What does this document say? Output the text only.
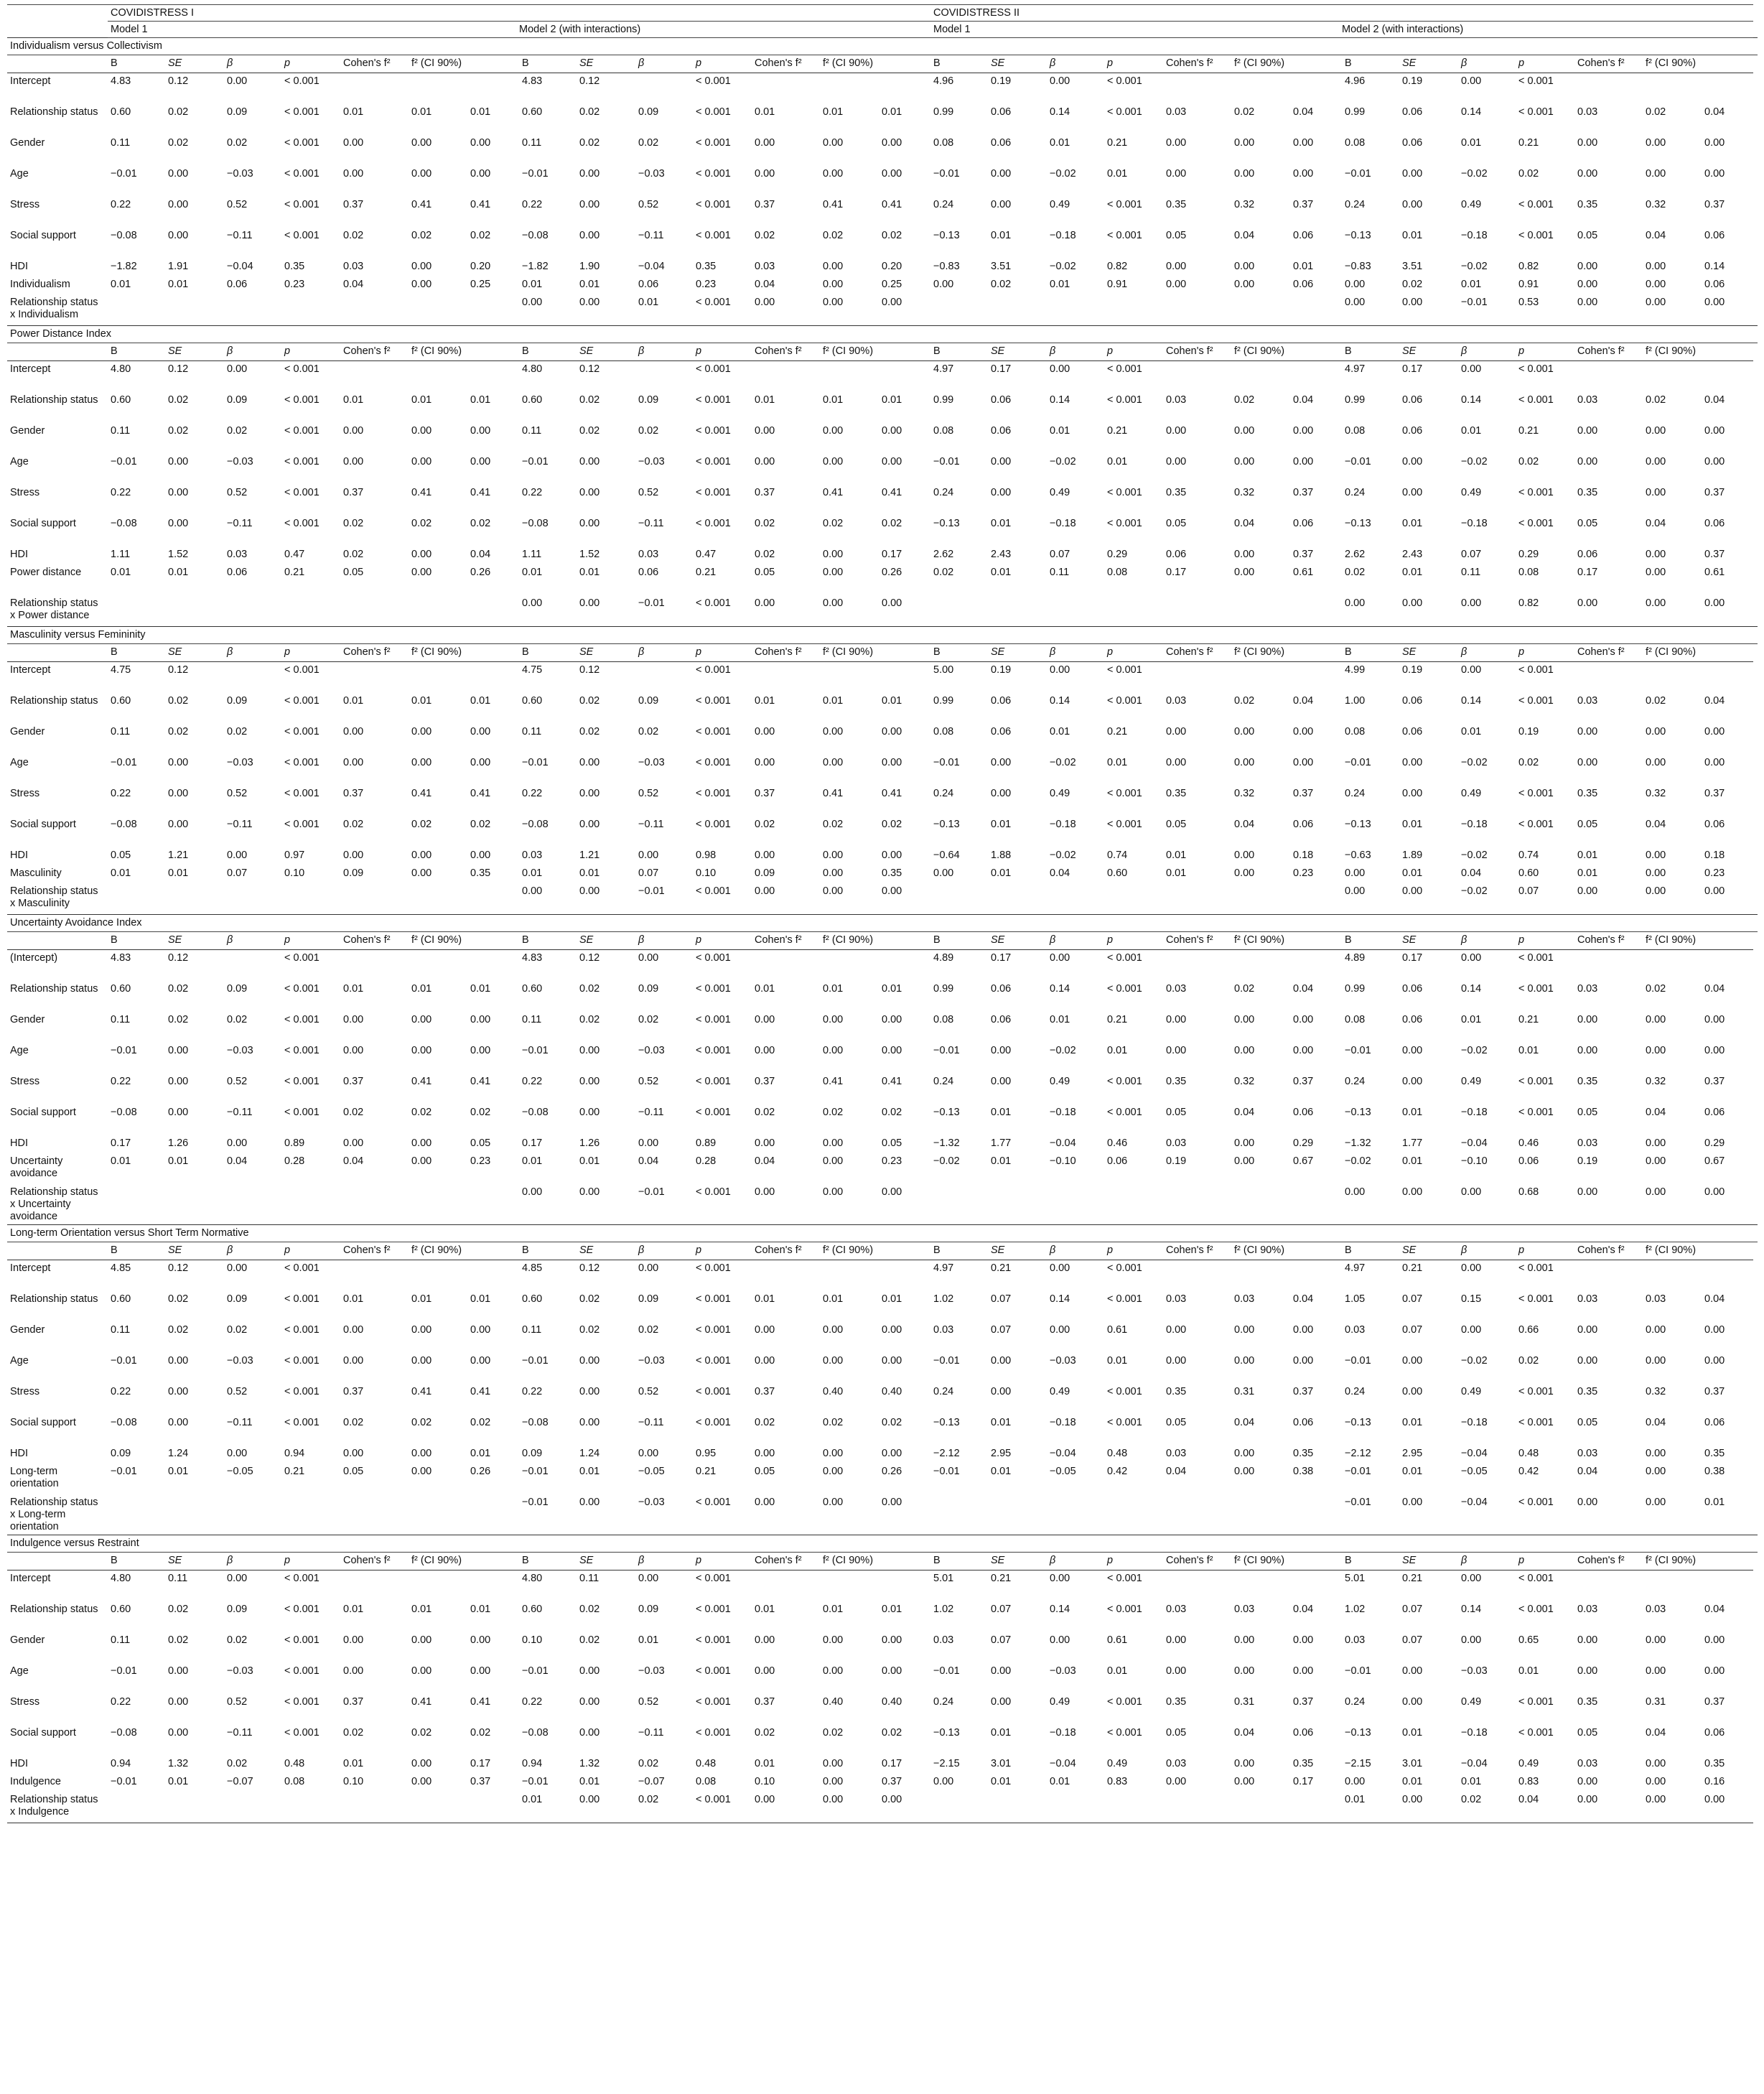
	COVIDISTRESS I														COVIDISTRESS II													
	Model 1							Model 2 (with interactions)							Model 1							Model 2 (with interactions)						
Individualism versus Collectivism																												
	B	SE	β	p	Cohen's f²	f² (CI 90%)		B	SE	β	p	Cohen's f²	f² (CI 90%)		B	SE	β	p	Cohen's f²	f² (CI 90%)		B	SE	β	p	Cohen's f²	f² (CI 90%)	
Intercept	4.83	0.12	0.00	< 0.001				4.83	0.12		< 0.001				4.96	0.19	0.00	< 0.001				4.96	0.19	0.00	< 0.001			
Relationship status	0.60	0.02	0.09	< 0.001	0.01	0.01	0.01	0.60	0.02	0.09	< 0.001	0.01	0.01	0.01	0.99	0.06	0.14	< 0.001	0.03	0.02	0.04	0.99	0.06	0.14	< 0.001	0.03	0.02	0.04
Gender	0.11	0.02	0.02	< 0.001	0.00	0.00	0.00	0.11	0.02	0.02	< 0.001	0.00	0.00	0.00	0.08	0.06	0.01	0.21	0.00	0.00	0.00	0.08	0.06	0.01	0.21	0.00	0.00	0.00
Age	−0.01	0.00	−0.03	< 0.001	0.00	0.00	0.00	−0.01	0.00	−0.03	< 0.001	0.00	0.00	0.00	−0.01	0.00	−0.02	0.01	0.00	0.00	0.00	−0.01	0.00	−0.02	0.02	0.00	0.00	0.00
Stress	0.22	0.00	0.52	< 0.001	0.37	0.41	0.41	0.22	0.00	0.52	< 0.001	0.37	0.41	0.41	0.24	0.00	0.49	< 0.001	0.35	0.32	0.37	0.24	0.00	0.49	< 0.001	0.35	0.32	0.37
Social support	−0.08	0.00	−0.11	< 0.001	0.02	0.02	0.02	−0.08	0.00	−0.11	< 0.001	0.02	0.02	0.02	−0.13	0.01	−0.18	< 0.001	0.05	0.04	0.06	−0.13	0.01	−0.18	< 0.001	0.05	0.04	0.06
HDI	−1.82	1.91	−0.04	0.35	0.03	0.00	0.20	−1.82	1.90	−0.04	0.35	0.03	0.00	0.20	−0.83	3.51	−0.02	0.82	0.00	0.00	0.01	−0.83	3.51	−0.02	0.82	0.00	0.00	0.14
Individualism	0.01	0.01	0.06	0.23	0.04	0.00	0.25	0.01	0.01	0.06	0.23	0.04	0.00	0.25	0.00	0.02	0.01	0.91	0.00	0.00	0.06	0.00	0.02	0.01	0.91	0.00	0.00	0.06
Relationship status x Individualism								0.00	0.00	0.01	< 0.001	0.00	0.00	0.00								0.00	0.00	−0.01	0.53	0.00	0.00	0.00
Power Distance Index																												
	B	SE	β	p	Cohen's f²	f² (CI 90%)		B	SE	β	p	Cohen's f²	f² (CI 90%)		B	SE	β	p	Cohen's f²	f² (CI 90%)		B	SE	β	p	Cohen's f²	f² (CI 90%)	
Intercept	4.80	0.12	0.00	< 0.001				4.80	0.12		< 0.001				4.97	0.17	0.00	< 0.001				4.97	0.17	0.00	< 0.001			
Relationship status	0.60	0.02	0.09	< 0.001	0.01	0.01	0.01	0.60	0.02	0.09	< 0.001	0.01	0.01	0.01	0.99	0.06	0.14	< 0.001	0.03	0.02	0.04	0.99	0.06	0.14	< 0.001	0.03	0.02	0.04
Gender	0.11	0.02	0.02	< 0.001	0.00	0.00	0.00	0.11	0.02	0.02	< 0.001	0.00	0.00	0.00	0.08	0.06	0.01	0.21	0.00	0.00	0.00	0.08	0.06	0.01	0.21	0.00	0.00	0.00
Age	−0.01	0.00	−0.03	< 0.001	0.00	0.00	0.00	−0.01	0.00	−0.03	< 0.001	0.00	0.00	0.00	−0.01	0.00	−0.02	0.01	0.00	0.00	0.00	−0.01	0.00	−0.02	0.02	0.00	0.00	0.00
Stress	0.22	0.00	0.52	< 0.001	0.37	0.41	0.41	0.22	0.00	0.52	< 0.001	0.37	0.41	0.41	0.24	0.00	0.49	< 0.001	0.35	0.32	0.37	0.24	0.00	0.49	< 0.001	0.35	0.00	0.37
Social support	−0.08	0.00	−0.11	< 0.001	0.02	0.02	0.02	−0.08	0.00	−0.11	< 0.001	0.02	0.02	0.02	−0.13	0.01	−0.18	< 0.001	0.05	0.04	0.06	−0.13	0.01	−0.18	< 0.001	0.05	0.04	0.06
HDI	1.11	1.52	0.03	0.47	0.02	0.00	0.04	1.11	1.52	0.03	0.47	0.02	0.00	0.17	2.62	2.43	0.07	0.29	0.06	0.00	0.37	2.62	2.43	0.07	0.29	0.06	0.00	0.37
Power distance	0.01	0.01	0.06	0.21	0.05	0.00	0.26	0.01	0.01	0.06	0.21	0.05	0.00	0.26	0.02	0.01	0.11	0.08	0.17	0.00	0.61	0.02	0.01	0.11	0.08	0.17	0.00	0.61
Relationship status x Power distance								0.00	0.00	−0.01	< 0.001	0.00	0.00	0.00								0.00	0.00	0.00	0.82	0.00	0.00	0.00
Masculinity versus Femininity																												
	B	SE	β	p	Cohen's f²	f² (CI 90%)		B	SE	β	p	Cohen's f²	f² (CI 90%)		B	SE	β	p	Cohen's f²	f² (CI 90%)		B	SE	β	p	Cohen's f²	f² (CI 90%)	
Intercept	4.75	0.12		< 0.001				4.75	0.12		< 0.001				5.00	0.19	0.00	< 0.001				4.99	0.19	0.00	< 0.001			
Relationship status	0.60	0.02	0.09	< 0.001	0.01	0.01	0.01	0.60	0.02	0.09	< 0.001	0.01	0.01	0.01	0.99	0.06	0.14	< 0.001	0.03	0.02	0.04	1.00	0.06	0.14	< 0.001	0.03	0.02	0.04
Gender	0.11	0.02	0.02	< 0.001	0.00	0.00	0.00	0.11	0.02	0.02	< 0.001	0.00	0.00	0.00	0.08	0.06	0.01	0.21	0.00	0.00	0.00	0.08	0.06	0.01	0.19	0.00	0.00	0.00
Age	−0.01	0.00	−0.03	< 0.001	0.00	0.00	0.00	−0.01	0.00	−0.03	< 0.001	0.00	0.00	0.00	−0.01	0.00	−0.02	0.01	0.00	0.00	0.00	−0.01	0.00	−0.02	0.02	0.00	0.00	0.00
Stress	0.22	0.00	0.52	< 0.001	0.37	0.41	0.41	0.22	0.00	0.52	< 0.001	0.37	0.41	0.41	0.24	0.00	0.49	< 0.001	0.35	0.32	0.37	0.24	0.00	0.49	< 0.001	0.35	0.32	0.37
Social support	−0.08	0.00	−0.11	< 0.001	0.02	0.02	0.02	−0.08	0.00	−0.11	< 0.001	0.02	0.02	0.02	−0.13	0.01	−0.18	< 0.001	0.05	0.04	0.06	−0.13	0.01	−0.18	< 0.001	0.05	0.04	0.06
HDI	0.05	1.21	0.00	0.97	0.00	0.00	0.00	0.03	1.21	0.00	0.98	0.00	0.00	0.00	−0.64	1.88	−0.02	0.74	0.01	0.00	0.18	−0.63	1.89	−0.02	0.74	0.01	0.00	0.18
Masculinity	0.01	0.01	0.07	0.10	0.09	0.00	0.35	0.01	0.01	0.07	0.10	0.09	0.00	0.35	0.00	0.01	0.04	0.60	0.01	0.00	0.23	0.00	0.01	0.04	0.60	0.01	0.00	0.23
Relationship status x Masculinity								0.00	0.00	−0.01	< 0.001	0.00	0.00	0.00								0.00	0.00	−0.02	0.07	0.00	0.00	0.00
Uncertainty Avoidance Index																												
	B	SE	β	p	Cohen's f²	f² (CI 90%)		B	SE	β	p	Cohen's f²	f² (CI 90%)		B	SE	β	p	Cohen's f²	f² (CI 90%)		B	SE	β	p	Cohen's f²	f² (CI 90%)	
(Intercept)	4.83	0.12		< 0.001				4.83	0.12	0.00	< 0.001				4.89	0.17	0.00	< 0.001				4.89	0.17	0.00	< 0.001			
Relationship status	0.60	0.02	0.09	< 0.001	0.01	0.01	0.01	0.60	0.02	0.09	< 0.001	0.01	0.01	0.01	0.99	0.06	0.14	< 0.001	0.03	0.02	0.04	0.99	0.06	0.14	< 0.001	0.03	0.02	0.04
Gender	0.11	0.02	0.02	< 0.001	0.00	0.00	0.00	0.11	0.02	0.02	< 0.001	0.00	0.00	0.00	0.08	0.06	0.01	0.21	0.00	0.00	0.00	0.08	0.06	0.01	0.21	0.00	0.00	0.00
Age	−0.01	0.00	−0.03	< 0.001	0.00	0.00	0.00	−0.01	0.00	−0.03	< 0.001	0.00	0.00	0.00	−0.01	0.00	−0.02	0.01	0.00	0.00	0.00	−0.01	0.00	−0.02	0.01	0.00	0.00	0.00
Stress	0.22	0.00	0.52	< 0.001	0.37	0.41	0.41	0.22	0.00	0.52	< 0.001	0.37	0.41	0.41	0.24	0.00	0.49	< 0.001	0.35	0.32	0.37	0.24	0.00	0.49	< 0.001	0.35	0.32	0.37
Social support	−0.08	0.00	−0.11	< 0.001	0.02	0.02	0.02	−0.08	0.00	−0.11	< 0.001	0.02	0.02	0.02	−0.13	0.01	−0.18	< 0.001	0.05	0.04	0.06	−0.13	0.01	−0.18	< 0.001	0.05	0.04	0.06
HDI	0.17	1.26	0.00	0.89	0.00	0.00	0.05	0.17	1.26	0.00	0.89	0.00	0.00	0.05	−1.32	1.77	−0.04	0.46	0.03	0.00	0.29	−1.32	1.77	−0.04	0.46	0.03	0.00	0.29
Uncertainty avoidance	0.01	0.01	0.04	0.28	0.04	0.00	0.23	0.01	0.01	0.04	0.28	0.04	0.00	0.23	−0.02	0.01	−0.10	0.06	0.19	0.00	0.67	−0.02	0.01	−0.10	0.06	0.19	0.00	0.67
Relationship status x Uncertainty avoidance								0.00	0.00	−0.01	< 0.001	0.00	0.00	0.00								0.00	0.00	0.00	0.68	0.00	0.00	0.00
Long-term Orientation versus Short Term Normative																												
	B	SE	β	p	Cohen's f²	f² (CI 90%)		B	SE	β	p	Cohen's f²	f² (CI 90%)		B	SE	β	p	Cohen's f²	f² (CI 90%)		B	SE	β	p	Cohen's f²	f² (CI 90%)	
Intercept	4.85	0.12	0.00	< 0.001				4.85	0.12	0.00	< 0.001				4.97	0.21	0.00	< 0.001				4.97	0.21	0.00	< 0.001			
Relationship status	0.60	0.02	0.09	< 0.001	0.01	0.01	0.01	0.60	0.02	0.09	< 0.001	0.01	0.01	0.01	1.02	0.07	0.14	< 0.001	0.03	0.03	0.04	1.05	0.07	0.15	< 0.001	0.03	0.03	0.04
Gender	0.11	0.02	0.02	< 0.001	0.00	0.00	0.00	0.11	0.02	0.02	< 0.001	0.00	0.00	0.00	0.03	0.07	0.00	0.61	0.00	0.00	0.00	0.03	0.07	0.00	0.66	0.00	0.00	0.00
Age	−0.01	0.00	−0.03	< 0.001	0.00	0.00	0.00	−0.01	0.00	−0.03	< 0.001	0.00	0.00	0.00	−0.01	0.00	−0.03	0.01	0.00	0.00	0.00	−0.01	0.00	−0.02	0.02	0.00	0.00	0.00
Stress	0.22	0.00	0.52	< 0.001	0.37	0.41	0.41	0.22	0.00	0.52	< 0.001	0.37	0.40	0.40	0.24	0.00	0.49	< 0.001	0.35	0.31	0.37	0.24	0.00	0.49	< 0.001	0.35	0.32	0.37
Social support	−0.08	0.00	−0.11	< 0.001	0.02	0.02	0.02	−0.08	0.00	−0.11	< 0.001	0.02	0.02	0.02	−0.13	0.01	−0.18	< 0.001	0.05	0.04	0.06	−0.13	0.01	−0.18	< 0.001	0.05	0.04	0.06
HDI	0.09	1.24	0.00	0.94	0.00	0.00	0.01	0.09	1.24	0.00	0.95	0.00	0.00	0.00	−2.12	2.95	−0.04	0.48	0.03	0.00	0.35	−2.12	2.95	−0.04	0.48	0.03	0.00	0.35
Long-term orientation	−0.01	0.01	−0.05	0.21	0.05	0.00	0.26	−0.01	0.01	−0.05	0.21	0.05	0.00	0.26	−0.01	0.01	−0.05	0.42	0.04	0.00	0.38	−0.01	0.01	−0.05	0.42	0.04	0.00	0.38
Relationship status x Long-term orientation								−0.01	0.00	−0.03	< 0.001	0.00	0.00	0.00								−0.01	0.00	−0.04	< 0.001	0.00	0.00	0.01
Indulgence versus Restraint																												
	B	SE	β	p	Cohen's f²	f² (CI 90%)		B	SE	β	p	Cohen's f²	f² (CI 90%)		B	SE	β	p	Cohen's f²	f² (CI 90%)		B	SE	β	p	Cohen's f²	f² (CI 90%)	
Intercept	4.80	0.11	0.00	< 0.001				4.80	0.11	0.00	< 0.001				5.01	0.21	0.00	< 0.001				5.01	0.21	0.00	< 0.001			
Relationship status	0.60	0.02	0.09	< 0.001	0.01	0.01	0.01	0.60	0.02	0.09	< 0.001	0.01	0.01	0.01	1.02	0.07	0.14	< 0.001	0.03	0.03	0.04	1.02	0.07	0.14	< 0.001	0.03	0.03	0.04
Gender	0.11	0.02	0.02	< 0.001	0.00	0.00	0.00	0.10	0.02	0.01	< 0.001	0.00	0.00	0.00	0.03	0.07	0.00	0.61	0.00	0.00	0.00	0.03	0.07	0.00	0.65	0.00	0.00	0.00
Age	−0.01	0.00	−0.03	< 0.001	0.00	0.00	0.00	−0.01	0.00	−0.03	< 0.001	0.00	0.00	0.00	−0.01	0.00	−0.03	0.01	0.00	0.00	0.00	−0.01	0.00	−0.03	0.01	0.00	0.00	0.00
Stress	0.22	0.00	0.52	< 0.001	0.37	0.41	0.41	0.22	0.00	0.52	< 0.001	0.37	0.40	0.40	0.24	0.00	0.49	< 0.001	0.35	0.31	0.37	0.24	0.00	0.49	< 0.001	0.35	0.31	0.37
Social support	−0.08	0.00	−0.11	< 0.001	0.02	0.02	0.02	−0.08	0.00	−0.11	< 0.001	0.02	0.02	0.02	−0.13	0.01	−0.18	< 0.001	0.05	0.04	0.06	−0.13	0.01	−0.18	< 0.001	0.05	0.04	0.06
HDI	0.94	1.32	0.02	0.48	0.01	0.00	0.17	0.94	1.32	0.02	0.48	0.01	0.00	0.17	−2.15	3.01	−0.04	0.49	0.03	0.00	0.35	−2.15	3.01	−0.04	0.49	0.03	0.00	0.35
Indulgence	−0.01	0.01	−0.07	0.08	0.10	0.00	0.37	−0.01	0.01	−0.07	0.08	0.10	0.00	0.37	0.00	0.01	0.01	0.83	0.00	0.00	0.17	0.00	0.01	0.01	0.83	0.00	0.00	0.16
Relationship status x Indulgence								0.01	0.00	0.02	< 0.001	0.00	0.00	0.00								0.01	0.00	0.02	0.04	0.00	0.00	0.00
